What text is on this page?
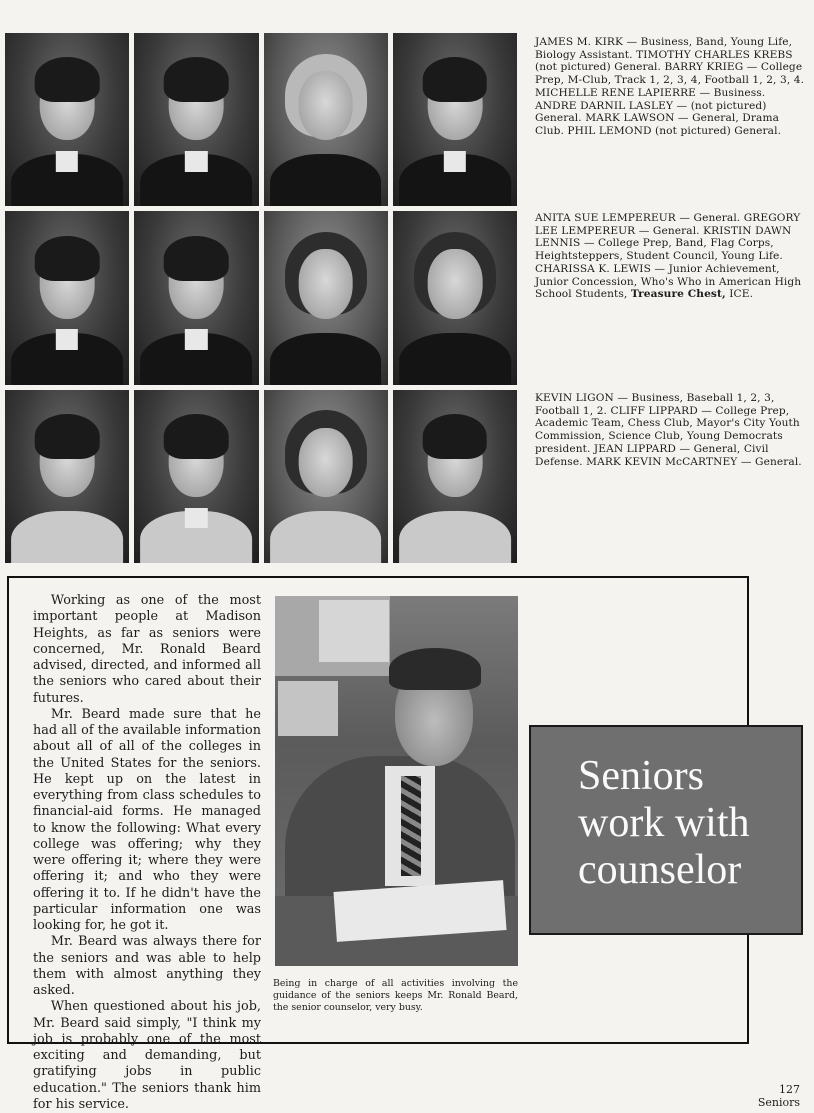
JAMES M. KIRK — Business, Band, Young Life, Biology Assistant. TIMOTHY CHARLES KREBS (not pictured) General. BARRY KRIEG — College Prep, M-Club, Track 1, 2, 3, 4, Football 1, 2, 3, 4. MICHELLE RENE LAPIERRE — Business. ANDRE DARNIL LASLEY — (not pictured) General. MARK LAWSON — General, Drama Club. PHIL LEMOND (not pictured) General.

ANITA SUE LEMPEREUR — General. GREGORY LEE LEMPEREUR — General. KRISTIN DAWN LENNIS — College Prep, Band, Flag Corps, Heightsteppers, Student Council, Young Life. CHARISSA K. LEWIS — Junior Achievement, Junior Concession, Who's Who in American High School Students, Treasure Chest, ICE.

KEVIN LIGON — Business, Baseball 1, 2, 3, Football 1, 2. CLIFF LIPPARD — College Prep, Academic Team, Chess Club, Mayor's City Youth Commission, Science Club, Young Democrats president. JEAN LIPPARD — General, Civil Defense. MARK KEVIN McCARTNEY — General.

Working as one of the most important people at Madison Heights, as far as seniors were concerned, Mr. Ronald Beard advised, directed, and informed all the seniors who cared about their futures.

Mr. Beard made sure that he had all of the available information about all of all of the colleges in the United States for the seniors. He kept up on the latest in everything from class schedules to financial-aid forms. He managed to know the following: What every college was offering; why they were offering it; where they were offering it; and who they were offering it to. If he didn't have the particular information one was looking for, he got it.

Mr. Beard was always there for the seniors and was able to help them with almost anything they asked.

When questioned about his job, Mr. Beard said simply, "I think my job is probably one of the most exciting and demanding, but gratifying jobs in public education." The seniors thank him for his service.

Being in charge of all activities involving the guidance of the seniors keeps Mr. Ronald Beard, the senior counselor, very busy.
Seniors work with counselor
127
Seniors
